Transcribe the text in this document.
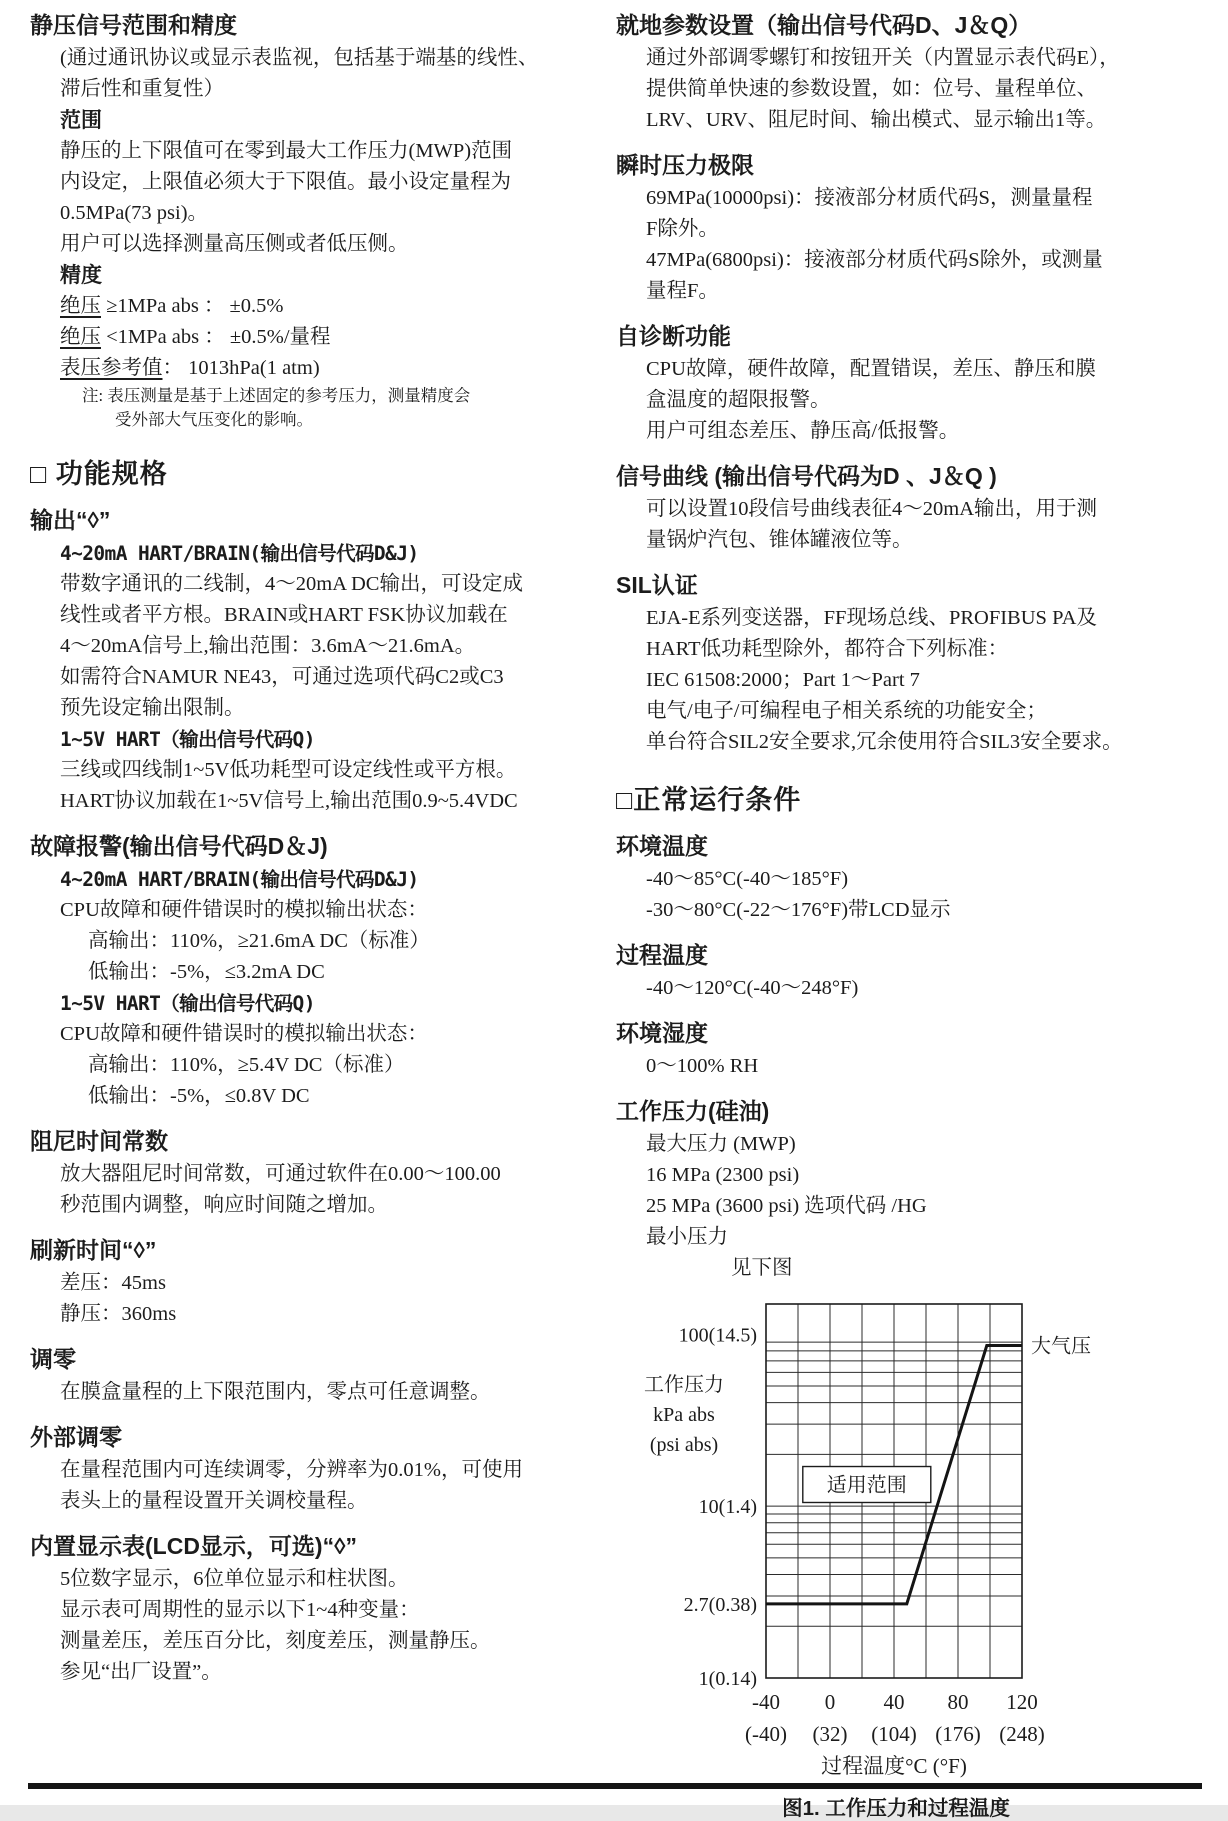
静压信号范围和精度
(通过通讯协议或显示表监视，包括基于端基的线性、
滞后性和重复性）
范围
静压的上下限值可在零到最大工作压力(MWP)范围
内设定，上限值必须大于下限值。最小设定量程为
0.5MPa(73 psi)。
用户可以选择测量高压侧或者低压侧。
精度
绝压 ≥1MPa abs ： ±0.5%
绝压 <1MPa abs ： ±0.5%/量程
表压参考值： 1013hPa(1 atm)
注: 表压测量是基于上述固定的参考压力，测量精度会
受外部大气压变化的影响。
□ 功能规格
输出“◊”
4~20mA HART/BRAIN(输出信号代码D&J)
带数字通讯的二线制，4～20mA DC输出，可设定成
线性或者平方根。BRAIN或HART FSK协议加载在
4～20mA信号上,输出范围：3.6mA～21.6mA。
如需符合NAMUR NE43，可通过选项代码C2或C3
预先设定输出限制。
1~5V HART（输出信号代码Q)
三线或四线制1~5V低功耗型可设定线性或平方根。
HART协议加载在1~5V信号上,输出范围0.9~5.4VDC
故障报警(输出信号代码D＆J)
4~20mA HART/BRAIN(输出信号代码D&J)
CPU故障和硬件错误时的模拟输出状态：
高输出：110%，≥21.6mA DC（标准）
低输出：-5%，≤3.2mA DC
1~5V HART（输出信号代码Q)
CPU故障和硬件错误时的模拟输出状态：
高输出：110%，≥5.4V DC（标准）
低输出：-5%，≤0.8V DC
阻尼时间常数
放大器阻尼时间常数，可通过软件在0.00～100.00
秒范围内调整，响应时间随之增加。
刷新时间“◊”
差压：45ms
静压：360ms
调零
在膜盒量程的上下限范围内，零点可任意调整。
外部调零
在量程范围内可连续调零，分辨率为0.01%，可使用
表头上的量程设置开关调校量程。
内置显示表(LCD显示，可选)“◊”
5位数字显示，6位单位显示和柱状图。
显示表可周期性的显示以下1~4种变量：
测量差压，差压百分比，刻度差压，测量静压。
参见“出厂设置”。
就地参数设置（输出信号代码D、J＆Q）
通过外部调零螺钉和按钮开关（内置显示表代码E），
提供简单快速的参数设置，如：位号、量程单位、
LRV、URV、阻尼时间、输出模式、显示输出1等。
瞬时压力极限
69MPa(10000psi)：接液部分材质代码S，测量量程
F除外。
47MPa(6800psi)：接液部分材质代码S除外，或测量
量程F。
自诊断功能
CPU故障，硬件故障，配置错误，差压、静压和膜
盒温度的超限报警。
用户可组态差压、静压高/低报警。
信号曲线 (输出信号代码为D 、J＆Q )
可以设置10段信号曲线表征4～20mA输出，用于测
量锅炉汽包、锥体罐液位等。
SIL认证
EJA-E系列变送器，FF现场总线、PROFIBUS PA及
HART低功耗型除外，都符合下列标准：
IEC 61508:2000；Part 1～Part 7
电气/电子/可编程电子相关系统的功能安全；
单台符合SIL2安全要求,冗余使用符合SIL3安全要求。
□正常运行条件
环境温度
-40～85°C(-40～185°F)
-30～80°C(-22～176°F)带LCD显示
过程温度
-40～120°C(-40～248°F)
环境湿度
0～100% RH
工作压力(硅油)
最大压力 (MWP)
16 MPa (2300 psi)
25 MPa (3600 psi) 选项代码 /HG
最小压力
见下图
适用范围
大气压
100(14.5)
10(1.4)
2.7(0.38)
1(0.14)
工作压力
kPa abs
(psi abs)
-40
(-40)
0
(32)
40
(104)
80
(176)
120
(248)
过程温度°C (°F)
图1. 工作压力和过程温度
